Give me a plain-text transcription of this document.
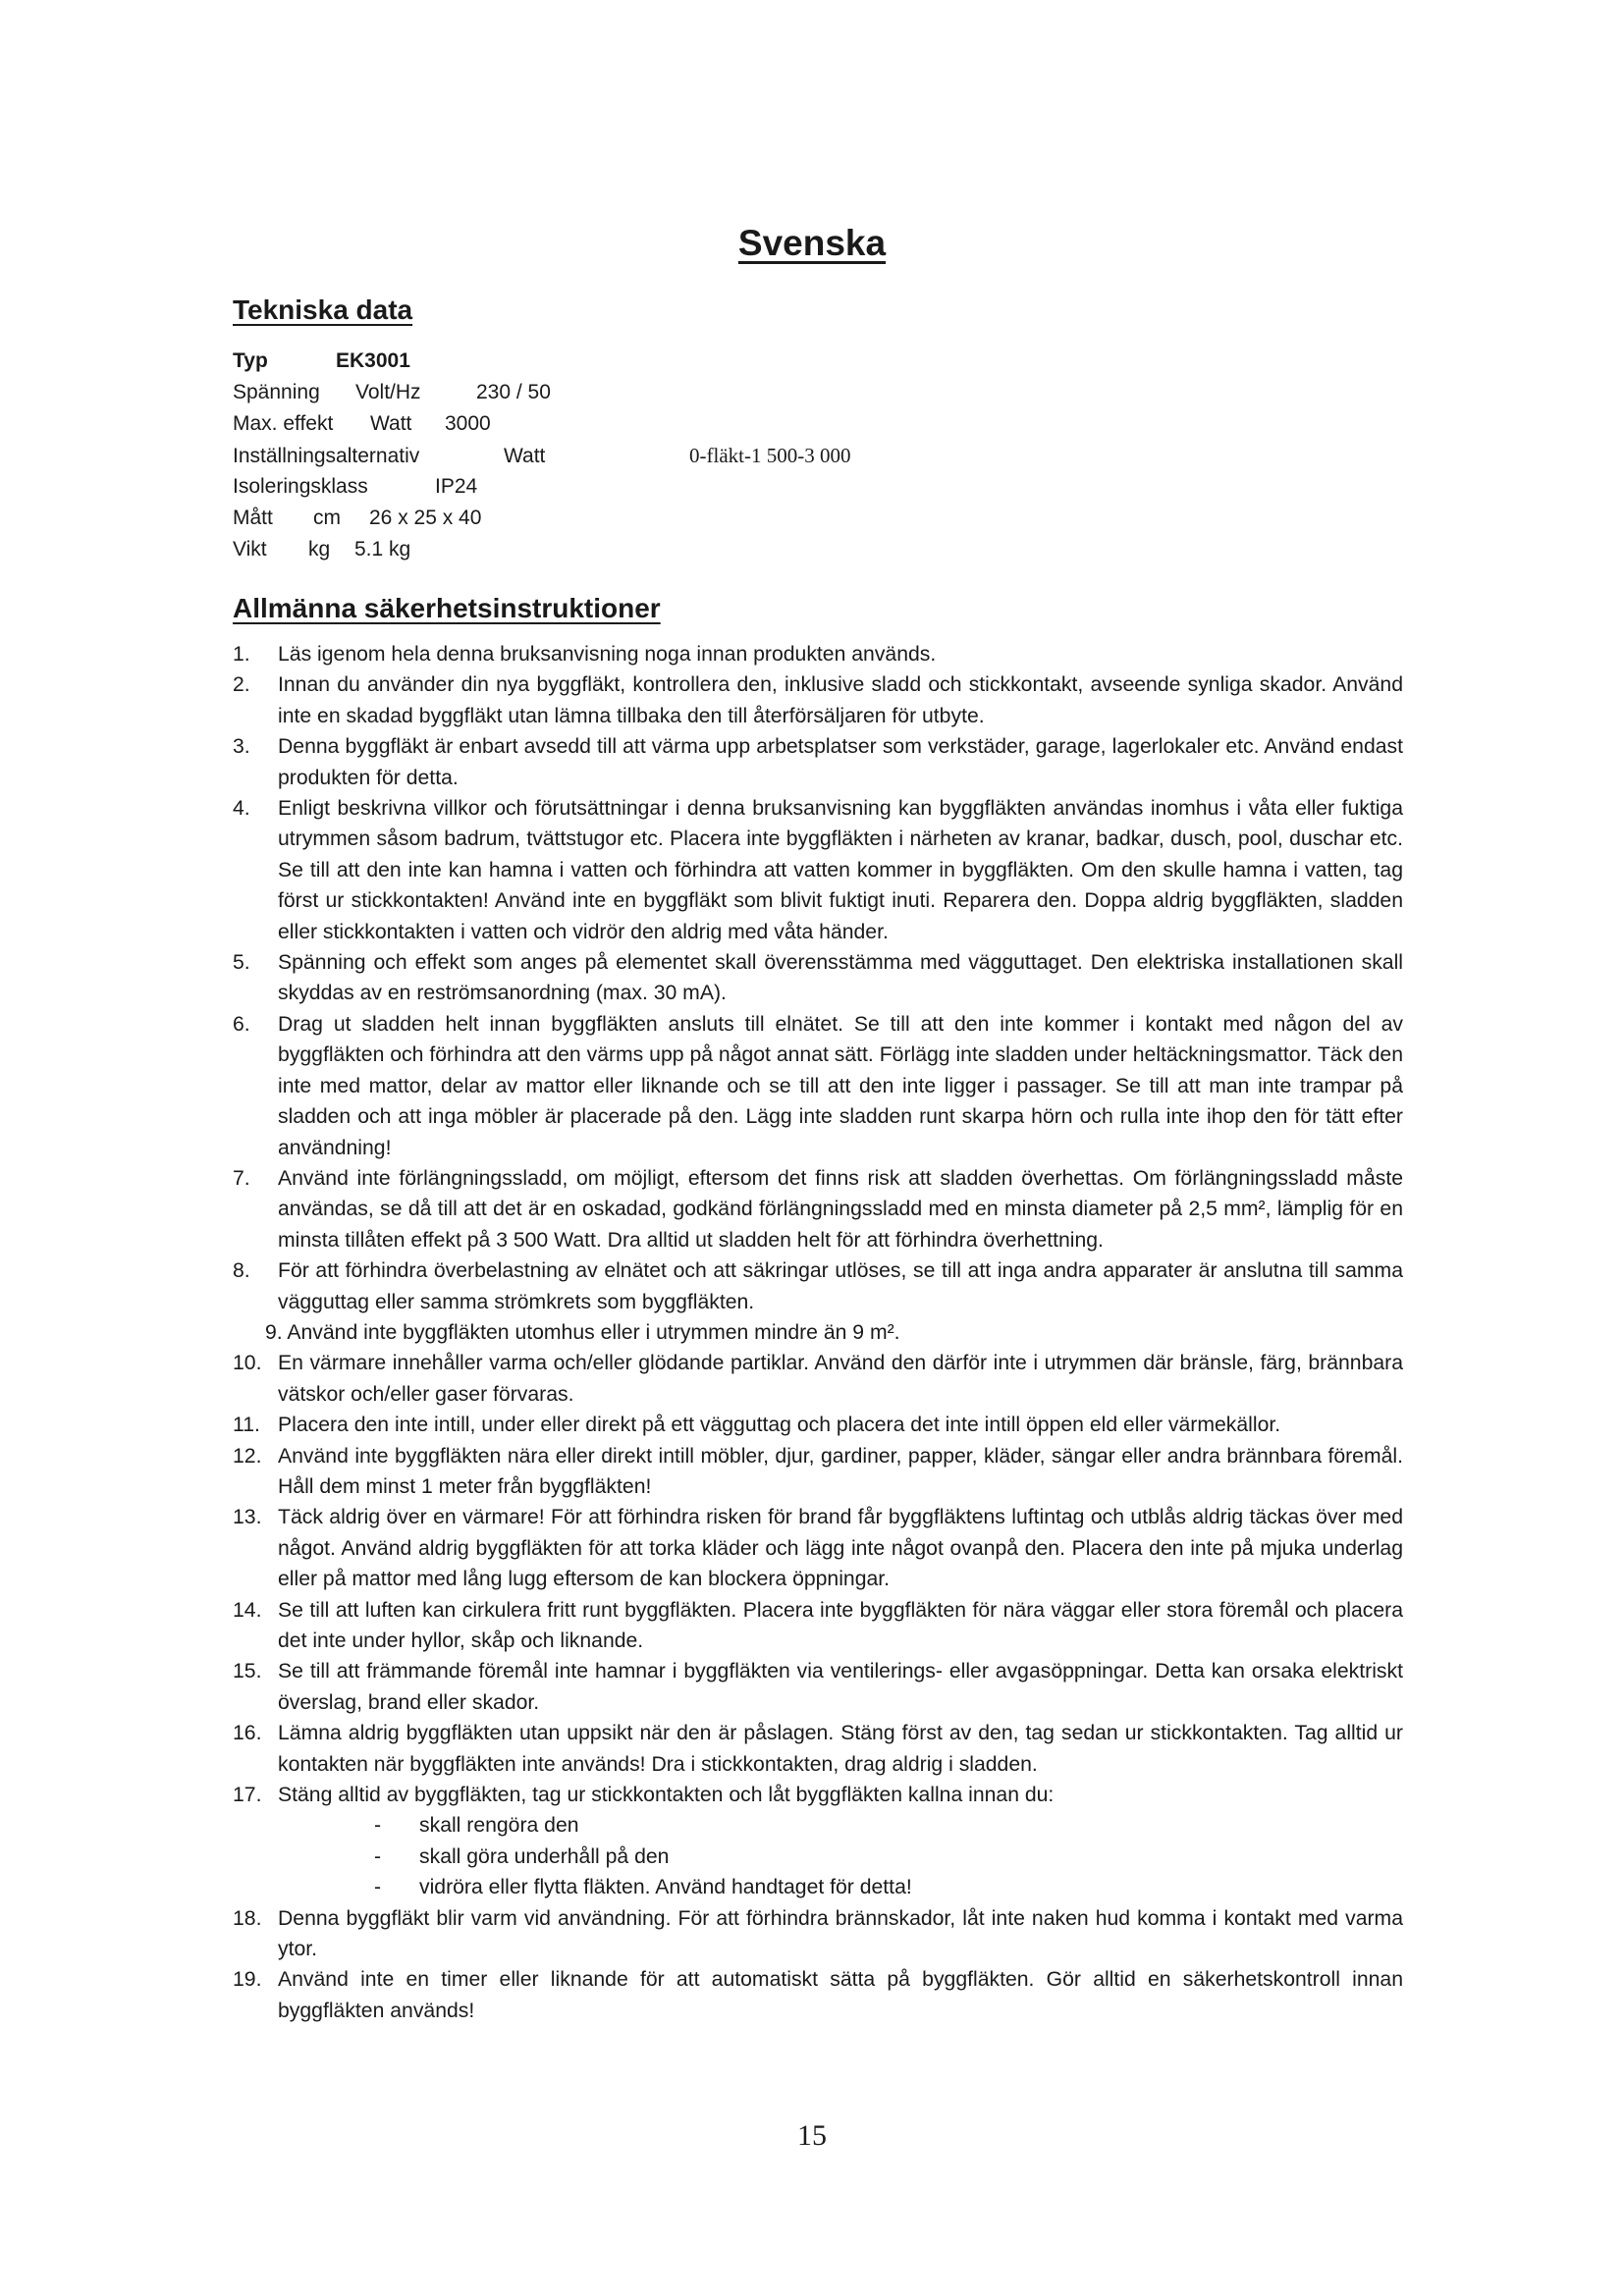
Svenska
Tekniska data
Typ	EK3001
Spänning Volt/Hz	230 / 50
Max. effekt Watt 3000
Inställningsalternativ	Watt	0-fläkt-1 500-3 000
Isoleringsklass	IP24
Mått cm 26 x 25 x 40
Vikt kg 5.1 kg
Allmänna säkerhetsinstruktioner
1. Läs igenom hela denna bruksanvisning noga innan produkten används.
2. Innan du använder din nya byggfläkt, kontrollera den, inklusive sladd och stickkontakt, avseende synliga skador. Använd inte en skadad byggfläkt utan lämna tillbaka den till återförsäljaren för utbyte.
3. Denna byggfläkt är enbart avsedd till att värma upp arbetsplatser som verkstäder, garage, lagerlokaler etc. Använd endast produkten för detta.
4. Enligt beskrivna villkor och förutsättningar i denna bruksanvisning kan byggfläkten användas inomhus i våta eller fuktiga utrymmen såsom badrum, tvättstugor etc. Placera inte byggfläkten i närheten av kranar, badkar, dusch, pool, duschar etc. Se till att den inte kan hamna i vatten och förhindra att vatten kommer in byggfläkten. Om den skulle hamna i vatten, tag först ur stickkontakten! Använd inte en byggfläkt som blivit fuktigt inuti. Reparera den. Doppa aldrig byggfläkten, sladden eller stickkontakten i vatten och vidrör den aldrig med våta händer.
5. Spänning och effekt som anges på elementet skall överensstämma med vägguttaget. Den elektriska installationen skall skyddas av en reströmsanordning (max. 30 mA).
6. Drag ut sladden helt innan byggfläkten ansluts till elnätet. Se till att den inte kommer i kontakt med någon del av byggfläkten och förhindra att den värms upp på något annat sätt. Förlägg inte sladden under heltäckningsmattor. Täck den inte med mattor, delar av mattor eller liknande och se till att den inte ligger i passager. Se till att man inte trampar på sladden och att inga möbler är placerade på den. Lägg inte sladden runt skarpa hörn och rulla inte ihop den för tätt efter användning!
7. Använd inte förlängningssladd, om möjligt, eftersom det finns risk att sladden överhettas. Om förlängningssladd måste användas, se då till att det är en oskadad, godkänd förlängningssladd med en minsta diameter på 2,5 mm², lämplig för en minsta tillåten effekt på 3 500 Watt. Dra alltid ut sladden helt för att förhindra överhettning.
8. För att förhindra överbelastning av elnätet och att säkringar utlöses, se till att inga andra apparater är anslutna till samma vägguttag eller samma strömkrets som byggfläkten.
9. Använd inte byggfläkten utomhus eller i utrymmen mindre än 9 m².
10. En värmare innehåller varma och/eller glödande partiklar. Använd den därför inte i utrymmen där bränsle, färg, brännbara vätskor och/eller gaser förvaras.
11. Placera den inte intill, under eller direkt på ett vägguttag och placera det inte intill öppen eld eller värmekällor.
12. Använd inte byggfläkten nära eller direkt intill möbler, djur, gardiner, papper, kläder, sängar eller andra brännbara föremål. Håll dem minst 1 meter från byggfläkten!
13. Täck aldrig över en värmare! För att förhindra risken för brand får byggfläktens luftintag och utblås aldrig täckas över med något. Använd aldrig byggfläkten för att torka kläder och lägg inte något ovanpå den. Placera den inte på mjuka underlag eller på mattor med lång lugg eftersom de kan blockera öppningar.
14. Se till att luften kan cirkulera fritt runt byggfläkten. Placera inte byggfläkten för nära väggar eller stora föremål och placera det inte under hyllor, skåp och liknande.
15. Se till att främmande föremål inte hamnar i byggfläkten via ventilerings- eller avgasöppningar. Detta kan orsaka elektriskt överslag, brand eller skador.
16. Lämna aldrig byggfläkten utan uppsikt när den är påslagen. Stäng först av den, tag sedan ur stickkontakten. Tag alltid ur kontakten när byggfläkten inte används! Dra i stickkontakten, drag aldrig i sladden.
17. Stäng alltid av byggfläkten, tag ur stickkontakten och låt byggfläkten kallna innan du:
- skall rengöra den
- skall göra underhåll på den
- vidröra eller flytta fläkten. Använd handtaget för detta!
18. Denna byggfläkt blir varm vid användning. För att förhindra brännskador, låt inte naken hud komma i kontakt med varma ytor.
19. Använd inte en timer eller liknande för att automatiskt sätta på byggfläkten. Gör alltid en säkerhetskontroll innan byggfläkten används!
15
